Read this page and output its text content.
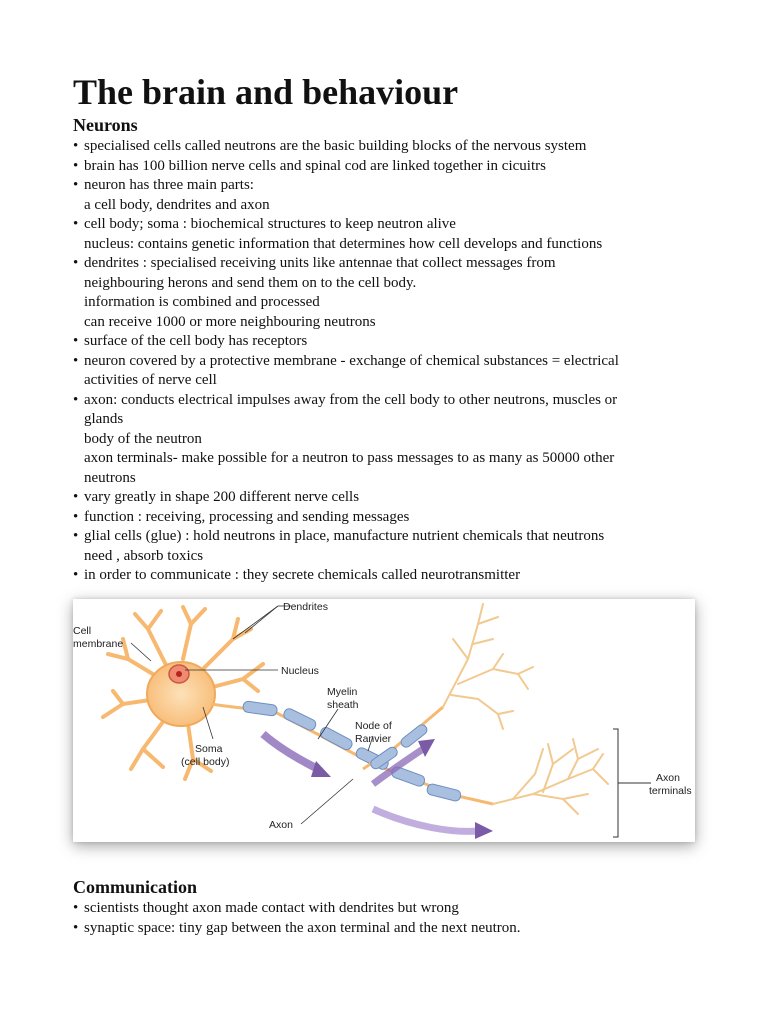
The brain and behaviour
Neurons
• specialised cells called neutrons are the basic building blocks of the nervous system
• brain has 100 billion nerve cells and spinal cod are linked together in cicuitrs
• neuron has three main parts:
a cell body, dendrites and axon
• cell body; soma : biochemical structures to keep neutron alive
nucleus: contains genetic information that determines how cell develops and functions
• dendrites : specialised receiving units like antennae that collect messages from
neighbouring herons and send them on to the cell body.
information is combined and processed
can receive 1000 or more neighbouring neutrons
• surface of the cell body has receptors
• neuron covered by a protective membrane - exchange of chemical substances = electrical
activities of nerve cell
• axon: conducts electrical impulses away from the cell body to other neutrons, muscles or
glands
body of the neutron
axon terminals- make possible for a neutron to pass messages to as many as 50000 other
neutrons
• vary greatly in shape 200 different nerve cells
• function : receiving, processing and sending messages
• glial cells (glue) : hold neutrons in place, manufacture nutrient chemicals that neutrons
need , absorb toxics
• in order to communicate : they secrete chemicals called neurotransmitter
Dendrites
Cell
membrane
Nucleus
Myelin
sheath
Node of
Ranvier
Soma
(cell body)
Axon
Axon
terminals
Communication
• scientists thought axon made contact with dendrites but wrong
• synaptic space: tiny gap between the axon terminal and the next neutron.
